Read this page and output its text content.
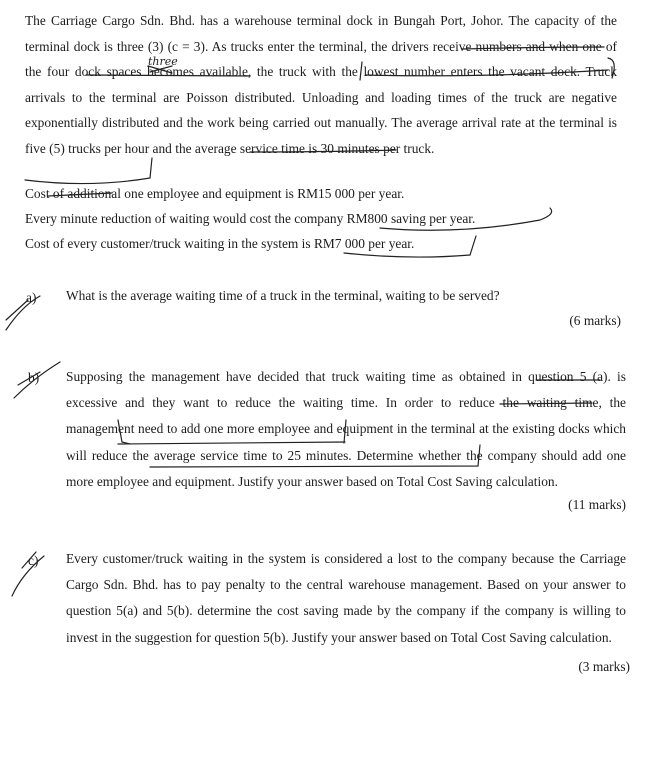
The Carriage Cargo Sdn. Bhd. has a warehouse terminal dock in Bungah Port, Johor. The capacity of the terminal dock is three (3) (c = 3). As trucks enter the terminal, the drivers receive numbers and when one of the four dock spaces becomes available, the truck with the lowest number enters the vacant dock. Truck arrivals to the terminal are Poisson distributed. Unloading and loading times of the truck are negative exponentially distributed and the work being carried out manually. The average arrival rate at the terminal is five (5) trucks per hour and the average service time is 30 minutes per truck.

Cost of additional one employee and equipment is RM15 000 per year.
Every minute reduction of waiting would cost the company RM800 saving per year.
Cost of every customer/truck waiting in the system is RM7 000 per year.
a) What is the average waiting time of a truck in the terminal, waiting to be served?

(6 marks)
b) Supposing the management have decided that truck waiting time as obtained in question 5 (a). is excessive and they want to reduce the waiting time. In order to reduce the waiting time, the management need to add one more employee and equipment in the terminal at the existing docks which will reduce the average service time to 25 minutes. Determine whether the company should add one more employee and equipment. Justify your answer based on Total Cost Saving calculation.

(11 marks)
c) Every customer/truck waiting in the system is considered a lost to the company because the Carriage Cargo Sdn. Bhd. has to pay penalty to the central warehouse management. Based on your answer to question 5(a) and 5(b). determine the cost saving made by the company if the company is willing to invest in the suggestion for question 5(b). Justify your answer based on Total Cost Saving calculation.

(3 marks)
three
